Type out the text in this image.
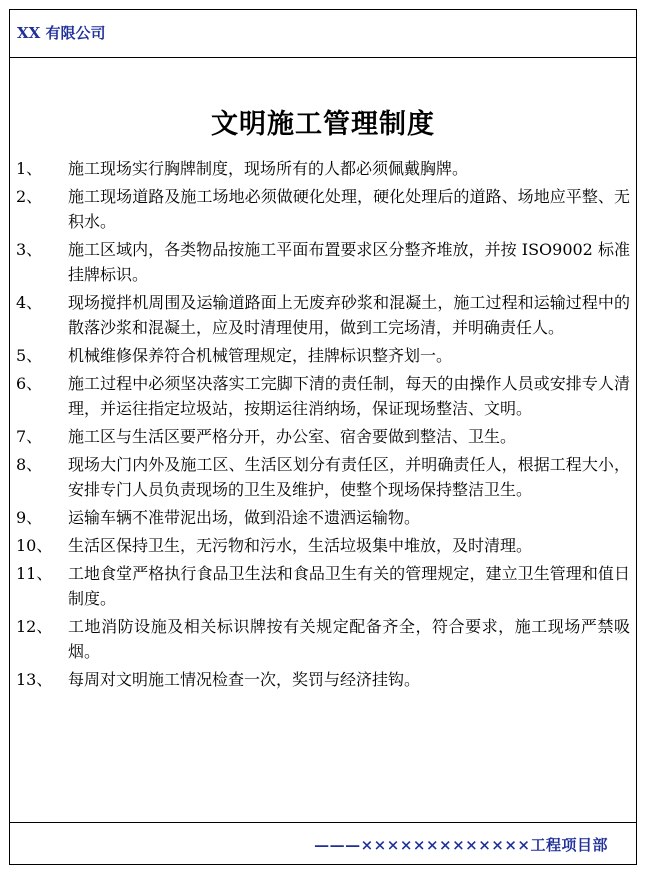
XX 有限公司
文明施工管理制度
1、	施工现场实行胸牌制度，现场所有的人都必须佩戴胸牌。
2、	施工现场道路及施工场地必须做硬化处理，硬化处理后的道路、场地应平整、无积水。
3、	施工区域内，各类物品按施工平面布置要求区分整齐堆放，并按 ISO9002 标准挂牌标识。
4、	现场搅拌机周围及运输道路面上无废弃砂浆和混凝土，施工过程和运输过程中的散落沙浆和混凝土，应及时清理使用，做到工完场清，并明确责任人。
5、	机械维修保养符合机械管理规定，挂牌标识整齐划一。
6、	施工过程中必须坚决落实工完脚下清的责任制，每天的由操作人员或安排专人清理，并运往指定垃圾站，按期运往消纳场，保证现场整洁、文明。
7、	施工区与生活区要严格分开，办公室、宿舍要做到整洁、卫生。
8、	现场大门内外及施工区、生活区划分有责任区，并明确责任人，根据工程大小，安排专门人员负责现场的卫生及维护，使整个现场保持整洁卫生。
9、	运输车辆不准带泥出场，做到沿途不遗洒运输物。
10、 生活区保持卫生，无污物和污水，生活垃圾集中堆放，及时清理。
11、 工地食堂严格执行食品卫生法和食品卫生有关的管理规定，建立卫生管理和值日制度。
12、 工地消防设施及相关标识牌按有关规定配备齐全，符合要求，施工现场严禁吸烟。
13、 每周对文明施工情况检查一次，奖罚与经济挂钩。
———×××××××××××××工程项目部
